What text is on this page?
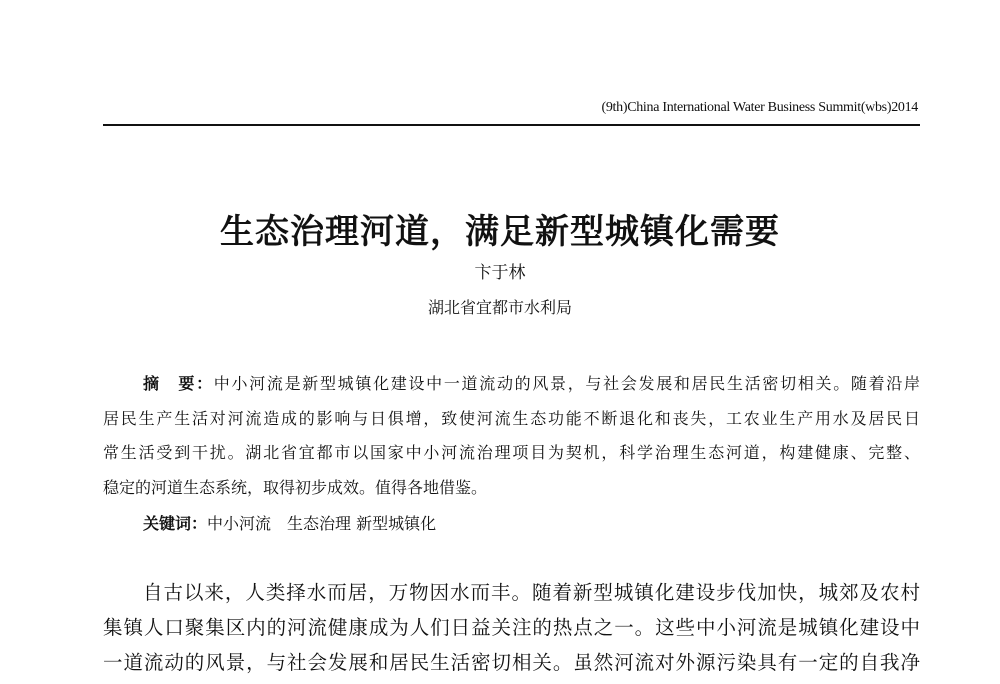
(9th)China International Water Business Summit(wbs)2014
生态治理河道，满足新型城镇化需要
卞于林
湖北省宜都市水利局
摘　要：中小河流是新型城镇化建设中一道流动的风景，与社会发展和居民生活密切相关。随着沿岸
居民生产生活对河流造成的影响与日俱增，致使河流生态功能不断退化和丧失，工农业生产用水及居民日
常生活受到干扰。湖北省宜都市以国家中小河流治理项目为契机，科学治理生态河道，构建健康、完整、
稳定的河道生态系统，取得初步成效。值得各地借鉴。
关键词：中小河流  生态治理 新型城镇化
自古以来，人类择水而居，万物因水而丰。随着新型城镇化建设步伐加快，城郊及农村
集镇人口聚集区内的河流健康成为人们日益关注的热点之一。这些中小河流是城镇化建设中
一道流动的风景，与社会发展和居民生活密切相关。虽然河流对外源污染具有一定的自我净
